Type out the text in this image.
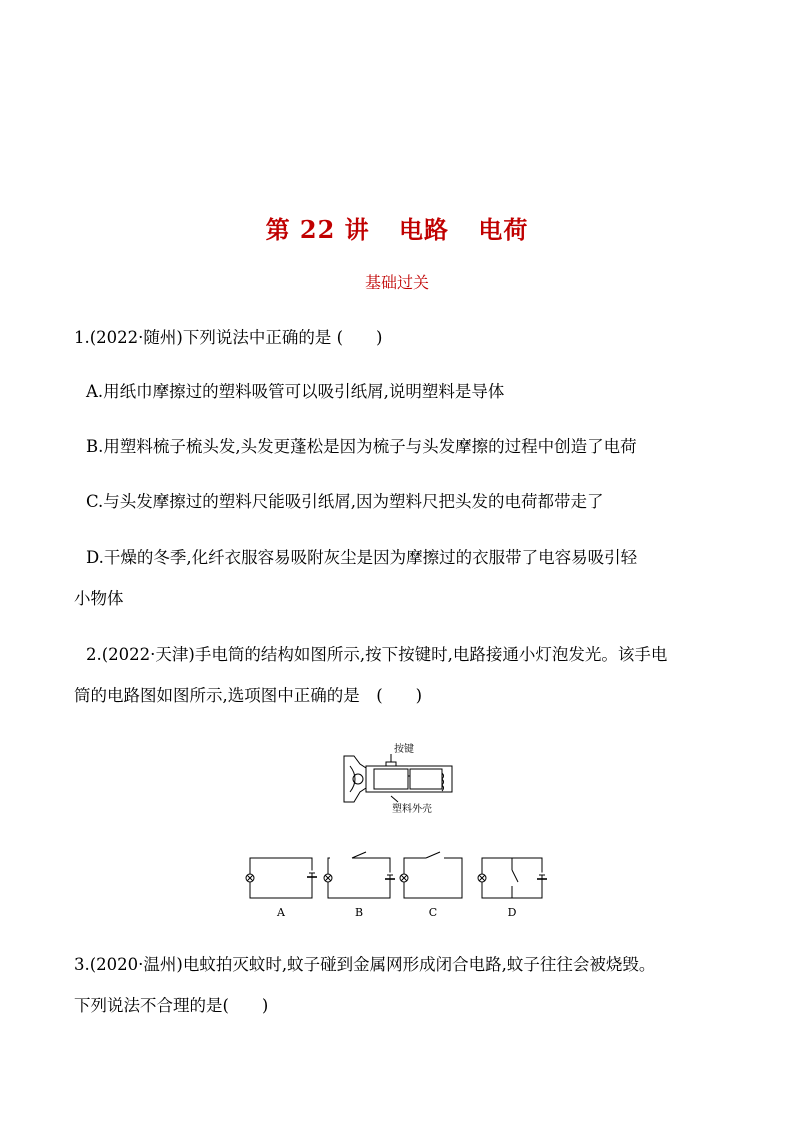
第 22 讲 电路 电荷
基础过关
1.(2022·随州)下列说法中正确的是 (　　)
A.用纸巾摩擦过的塑料吸管可以吸引纸屑,说明塑料是导体
B.用塑料梳子梳头发,头发更蓬松是因为梳子与头发摩擦的过程中创造了电荷
C.与头发摩擦过的塑料尺能吸引纸屑,因为塑料尺把头发的电荷都带走了
D.干燥的冬季,化纤衣服容易吸附灰尘是因为摩擦过的衣服带了电容易吸引轻
小物体
2.(2022·天津)手电筒的结构如图所示,按下按键时,电路接通小灯泡发光。该手电
筒的电路图如图所示,选项图中正确的是　(　　)
按键
塑料外壳
A	B	C	D
3.(2020·温州)电蚊拍灭蚊时,蚊子碰到金属网形成闭合电路,蚊子往往会被烧毁。
下列说法不合理的是(　　)
